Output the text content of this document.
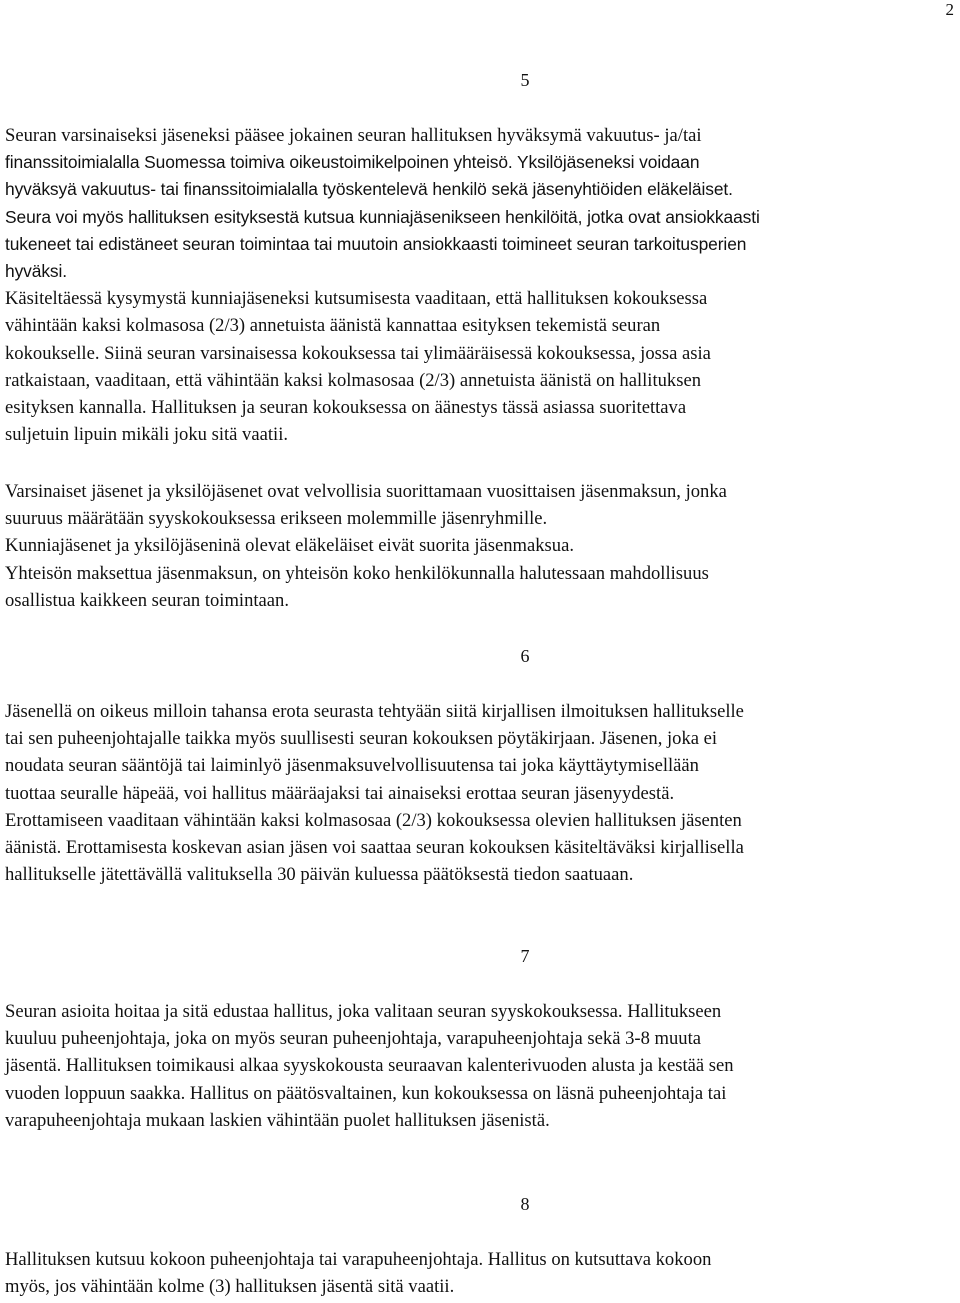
2
5

Seuran varsinaiseksi jäseneksi pääsee jokainen seuran hallituksen hyväksymä vakuutus- ja/tai
finanssitoimialalla Suomessa toimiva oikeustoimikelpoinen yhteisö. Yksilöjäseneksi voidaan
hyväksyä vakuutus- tai finanssitoimialalla työskentelevä henkilö sekä jäsenyhtiöiden eläkeläiset.
Seura voi myös hallituksen esityksestä kutsua kunniajäsenikseen henkilöitä, jotka ovat ansiokkaasti
tukeneet tai edistäneet seuran toimintaa tai muutoin ansiokkaasti toimineet seuran tarkoitusperien
hyväksi.
Käsiteltäessä kysymystä kunniajäseneksi kutsumisesta vaaditaan, että hallituksen kokouksessa
vähintään kaksi kolmasosa (2/3) annetuista äänistä kannattaa esityksen tekemistä seuran
kokoukselle. Siinä seuran varsinaisessa kokouksessa tai ylimääräisessä kokouksessa, jossa asia
ratkaistaan, vaaditaan, että vähintään kaksi kolmasosaa (2/3) annetuista äänistä on hallituksen
esityksen kannalla. Hallituksen ja seuran kokouksessa on äänestys tässä asiassa suoritettava
suljetuin lipuin mikäli joku sitä vaatii.

Varsinaiset jäsenet ja yksilöjäsenet ovat velvollisia suorittamaan vuosittaisen jäsenmaksun, jonka
suuruus määrätään syyskokouksessa erikseen molemmille jäsenryhmille.
Kunniajäsenet ja yksilöjäseninä olevat eläkeläiset eivät suorita jäsenmaksua.
Yhteisön maksettua jäsenmaksun, on yhteisön koko henkilökunnalla halutessaan mahdollisuus
osallistua kaikkeen seuran toimintaan.

6

Jäsenellä on oikeus milloin tahansa erota seurasta tehtyään siitä kirjallisen ilmoituksen hallitukselle
tai sen puheenjohtajalle taikka myös suullisesti seuran kokouksen pöytäkirjaan. Jäsenen, joka ei
noudata seuran sääntöjä tai laiminlyö jäsenmaksuvelvollisuutensa tai joka käyttäytymisellään
tuottaa seuralle häpeää, voi hallitus määräajaksi tai ainaiseksi erottaa seuran jäsenyydestä.
Erottamiseen vaaditaan vähintään kaksi kolmasosaa (2/3) kokouksessa olevien hallituksen jäsenten
äänistä. Erottamisesta koskevan asian jäsen voi saattaa seuran kokouksen käsiteltäväksi kirjallisella
hallitukselle jätettävällä valituksella 30 päivän kuluessa päätöksestä tiedon saatuaan.

7

Seuran asioita hoitaa ja sitä edustaa hallitus, joka valitaan seuran syyskokouksessa. Hallitukseen
kuuluu puheenjohtaja, joka on myös seuran puheenjohtaja, varapuheenjohtaja sekä 3-8 muuta
jäsentä. Hallituksen toimikausi alkaa syyskokousta seuraavan kalenterivuoden alusta ja kestää sen
vuoden loppuun saakka. Hallitus on päätösvaltainen, kun kokouksessa on läsnä puheenjohtaja tai
varapuheenjohtaja mukaan laskien vähintään puolet hallituksen jäsenistä.

8

Hallituksen kutsuu kokoon puheenjohtaja tai varapuheenjohtaja. Hallitus on kutsuttava kokoon
myös, jos vähintään kolme (3) hallituksen jäsentä sitä vaatii.
